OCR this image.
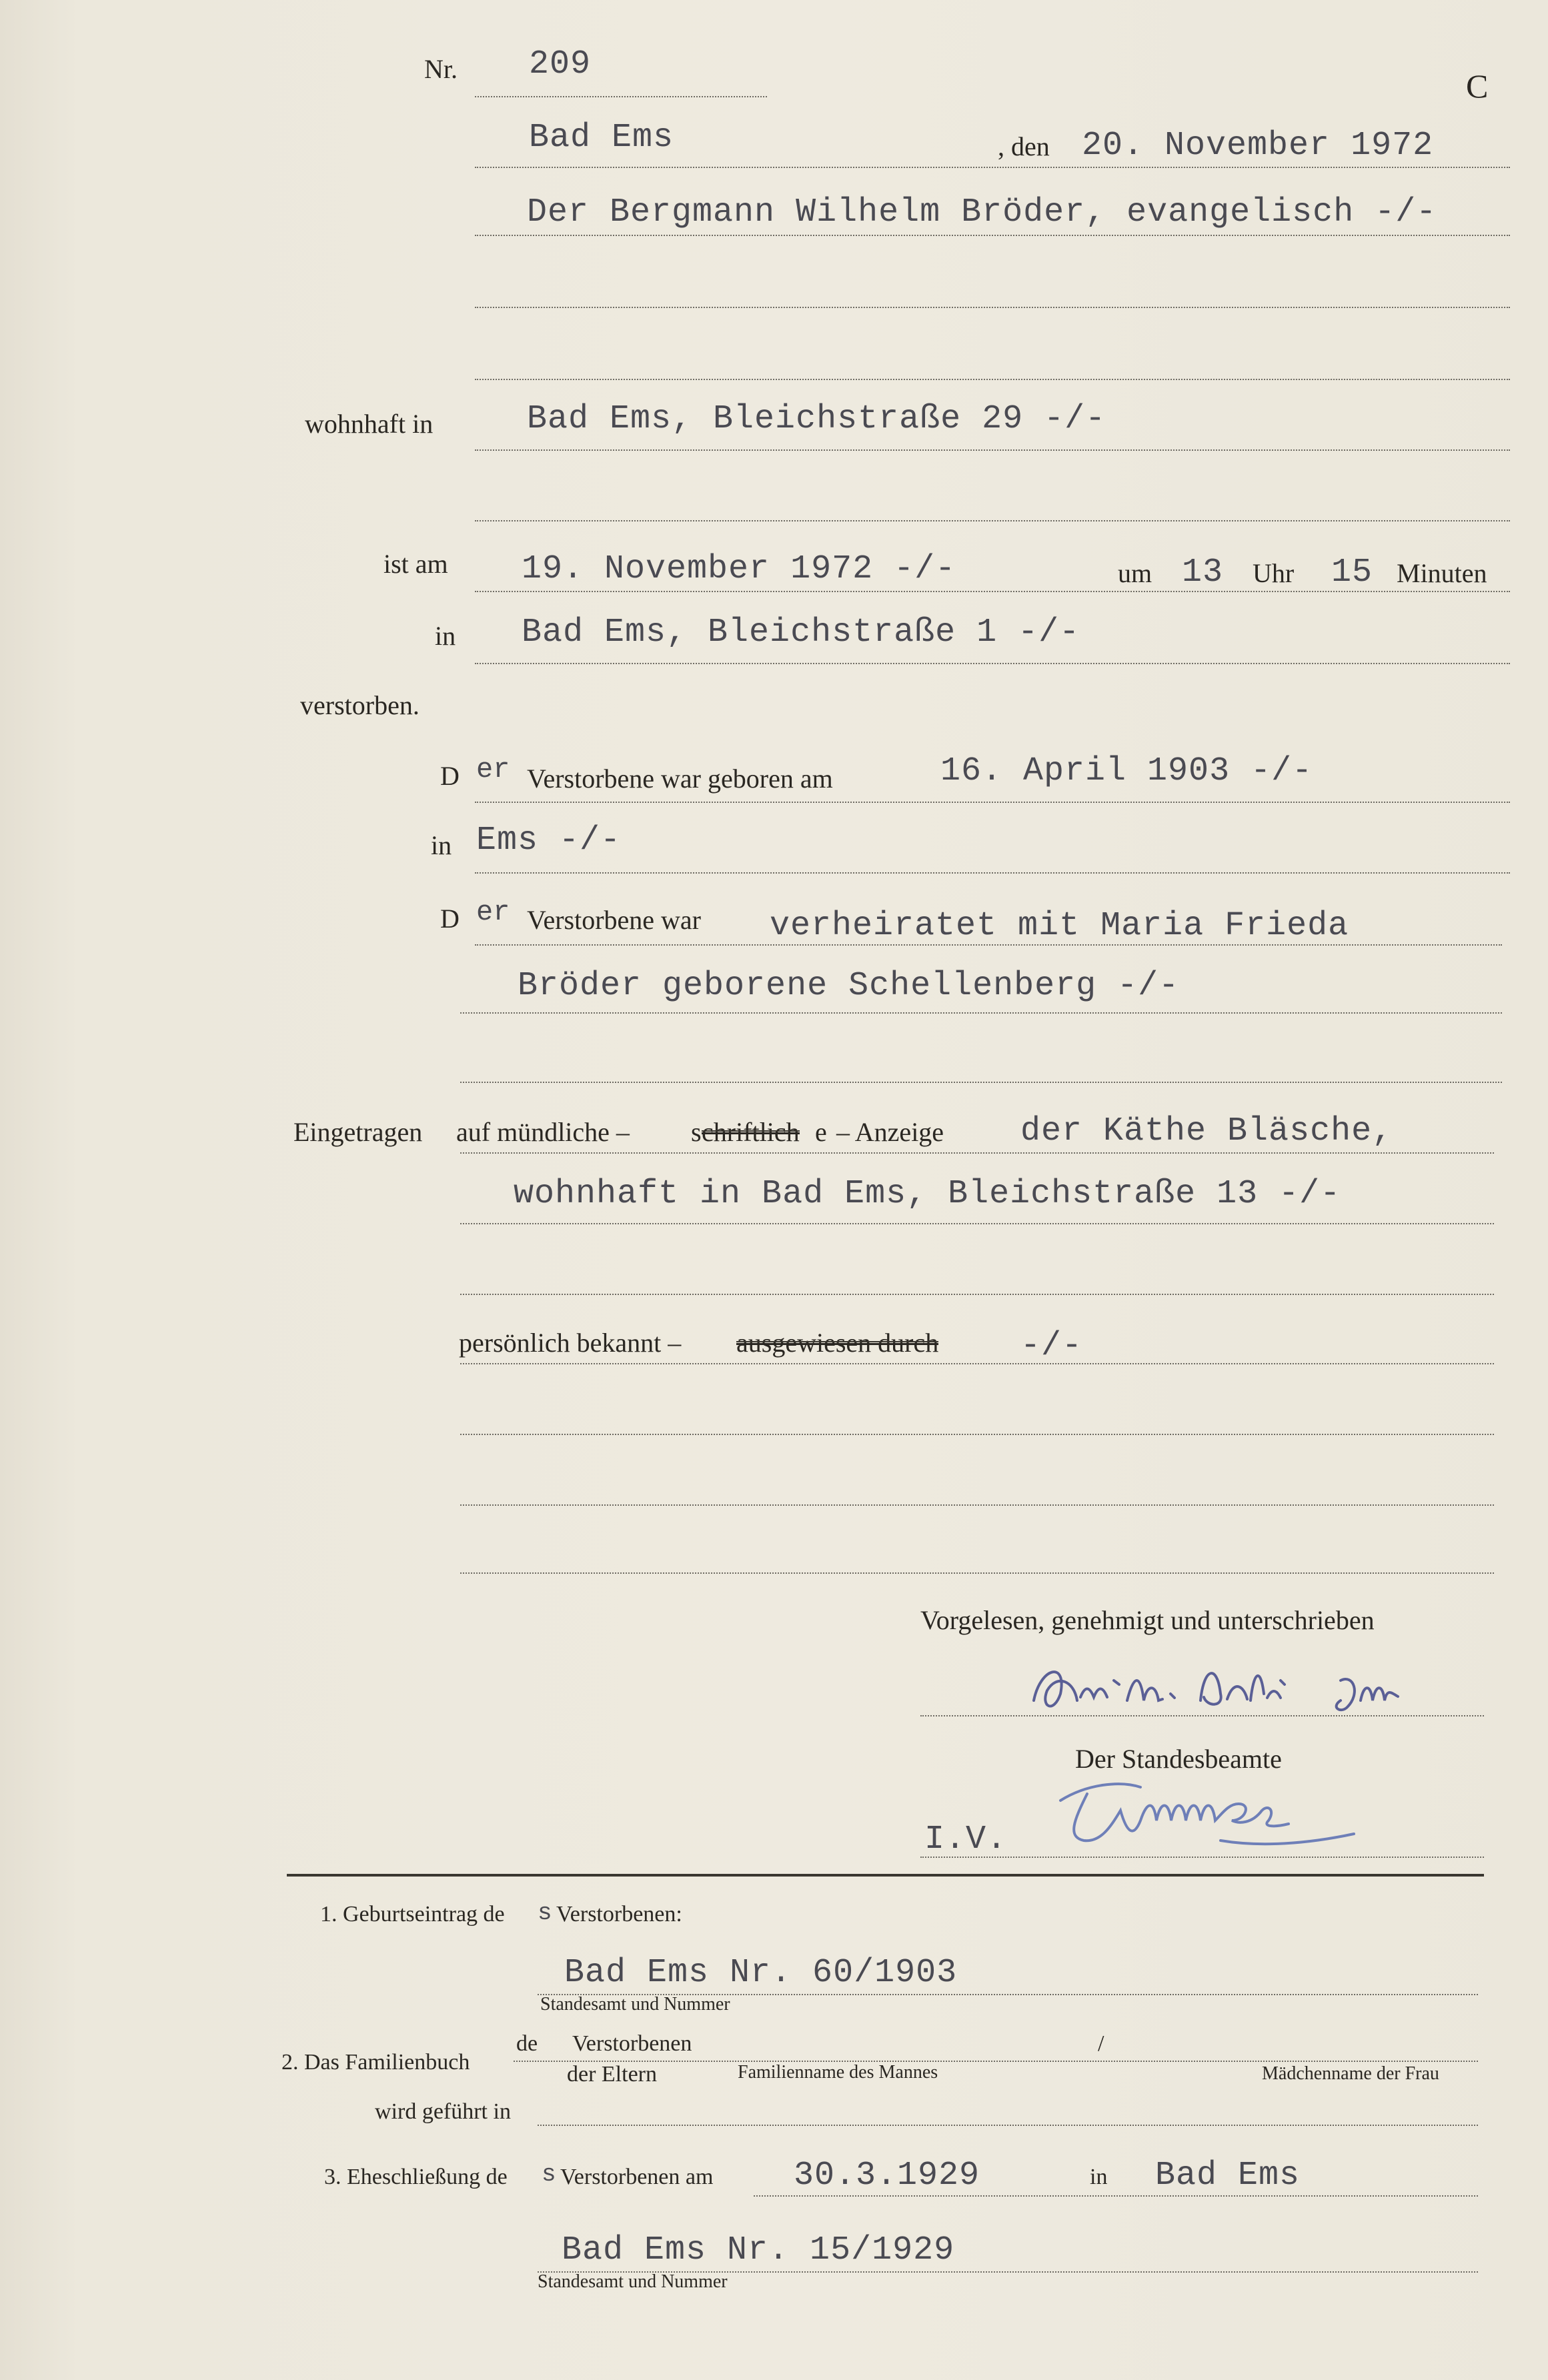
Nr. 209
C
Bad Ems	, den 20. November 1972
Der Bergmann Wilhelm Bröder, evangelisch -/-
wohnhaft in	Bad Ems, Bleichstraße 29 -/-
ist am 19. November 1972 -/-	um 13 Uhr 15 Minuten
in Bad Ems, Bleichstraße 1 -/-
verstorben.
D er Verstorbene war geboren am	16. April 1903 -/-
in Ems -/-
D er Verstorbene war verheiratet mit Maria Frieda
Bröder geborene Schellenberg -/-
Eingetragen auf mündliche – s chriftlich e – Anzeige der Käthe Bläsche,
wohnhaft in Bad Ems, Bleichstraße 13 -/-
persönlich bekannt – ausgewiesen durch -/-
Vorgelesen, genehmigt und unterschrieben
Der Standesbeamte
I.V.
1. Geburtseintrag de s Verstorbenen:
Bad Ems Nr. 60/1903
Standesamt und Nummer
2. Das Familienbuch
de Verstorbenen	/
der Eltern	Familienname des Mannes	Mädchenname der Frau
wird geführt in
3. Eheschließung de s Verstorbenen am 30.3.1929	in Bad Ems
Bad Ems Nr. 15/1929
Standesamt und Nummer
